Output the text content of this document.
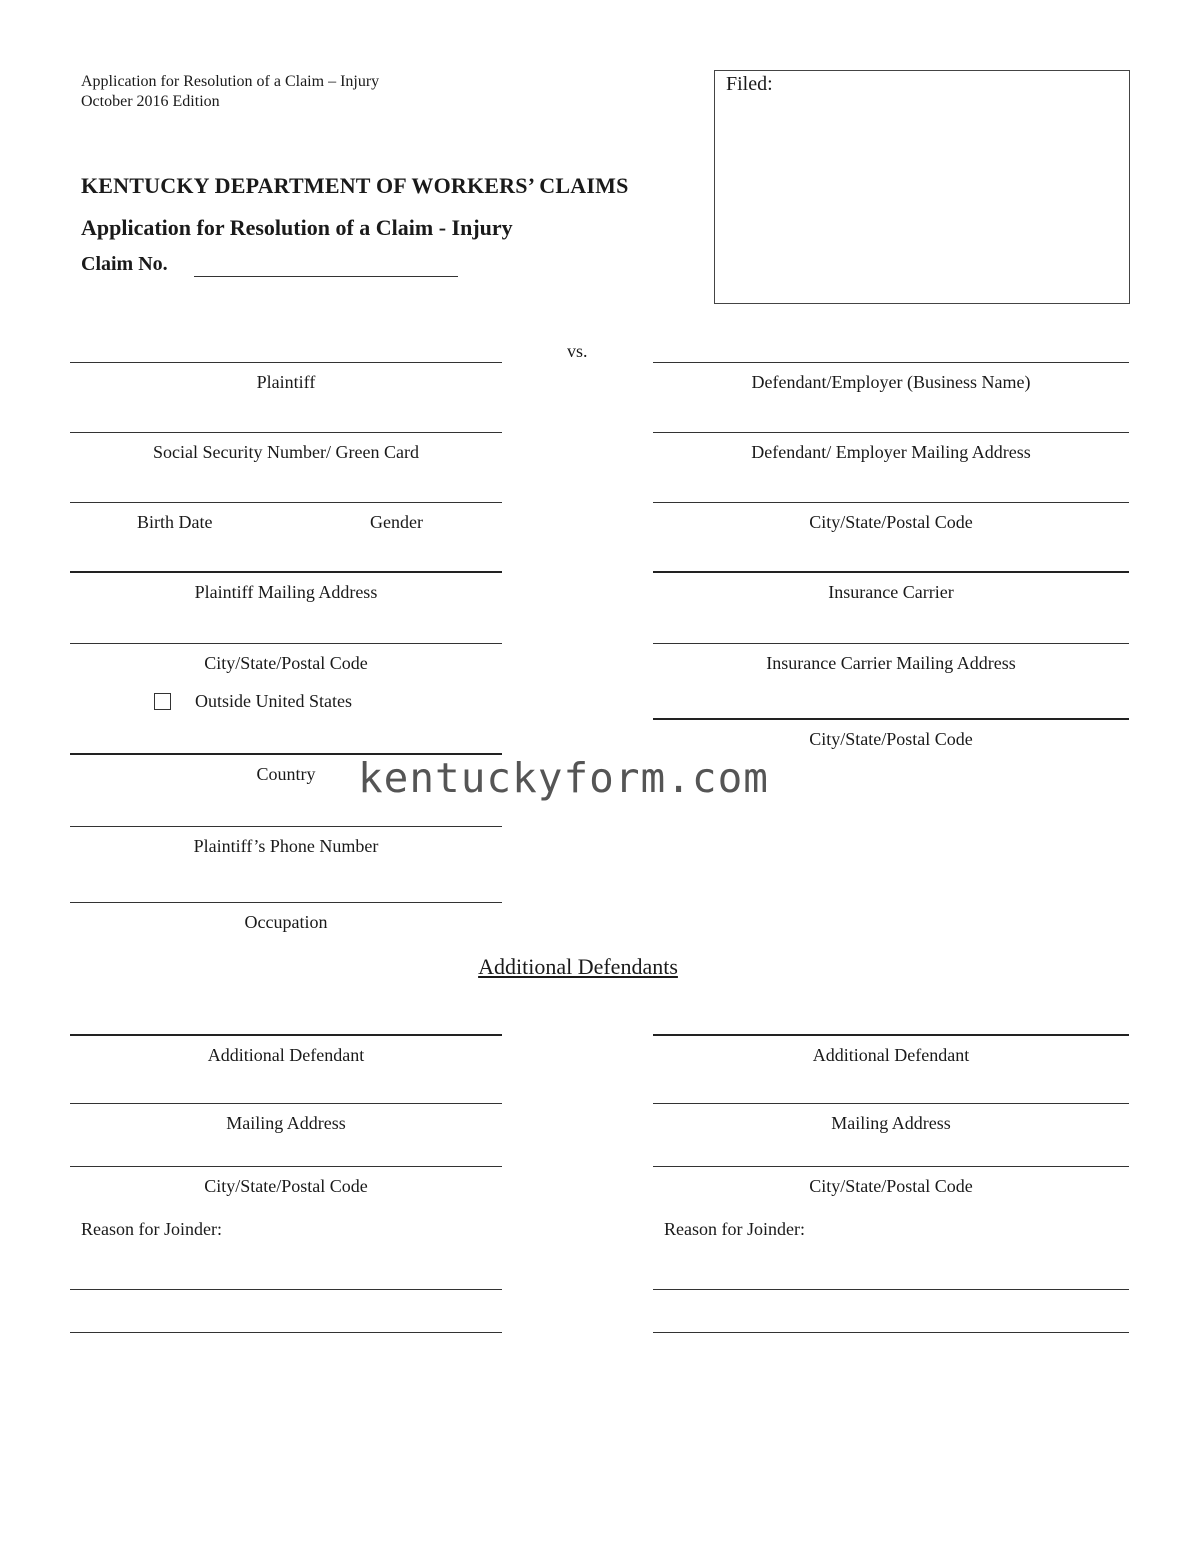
Application for Resolution of a Claim – Injury
October 2016 Edition
KENTUCKY DEPARTMENT OF WORKERS’ CLAIMS
Application for Resolution of a Claim - Injury
Claim No.
Filed:
vs.
Plaintiff
Social Security Number/ Green Card
Birth Date	Gender
Plaintiff Mailing Address
City/State/Postal Code
Outside United States
Country
Plaintiff’s Phone Number
Occupation
Defendant/Employer (Business Name)
Defendant/ Employer Mailing Address
City/State/Postal Code
Insurance Carrier
Insurance Carrier Mailing Address
City/State/Postal Code
kentuckyform.com
Additional Defendants
Additional Defendant
Mailing Address
City/State/Postal Code
Reason for Joinder:
Additional Defendant
Mailing Address
City/State/Postal Code
Reason for Joinder:
